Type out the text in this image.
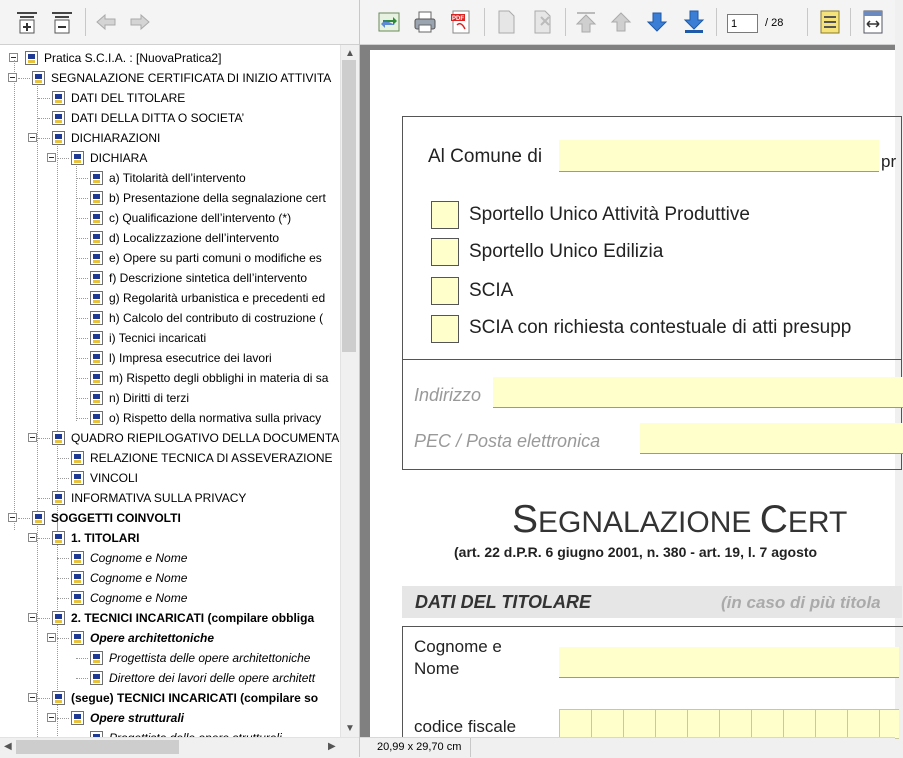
Pratica S.C.I.A. : [NuovaPratica2]
SEGNALAZIONE CERTIFICATA DI INIZIO ATTIVITA
DATI DEL TITOLARE
DATI DELLA DITTA O SOCIETA’
DICHIARAZIONI
DICHIARA
a) Titolarità dell’intervento
b) Presentazione della segnalazione cert
c) Qualificazione dell’intervento (*)
d) Localizzazione dell’intervento
e) Opere su parti comuni o modifiche es
f) Descrizione sintetica dell’intervento
g) Regolarità urbanistica e precedenti ed
h) Calcolo del contributo di costruzione (
i) Tecnici incaricati
l) Impresa esecutrice dei lavori
m) Rispetto degli obblighi in materia di sa
n) Diritti di terzi
o) Rispetto della normativa sulla privacy
QUADRO RIEPILOGATIVO DELLA DOCUMENTA
RELAZIONE TECNICA DI ASSEVERAZIONE
VINCOLI
INFORMATIVA SULLA PRIVACY
SOGGETTI COINVOLTI
1. TITOLARI
Cognome e Nome
Cognome e Nome
Cognome e Nome
2. TECNICI INCARICATI (compilare obbliga
Opere architettoniche
Progettista delle opere architettoniche
Direttore dei lavori delle opere architett
(segue) TECNICI INCARICATI (compilare so
Opere strutturali
▲
▼
◀	▶
PDF	1	/ 28
Al Comune di	pr
Sportello Unico Attività Produttive
Sportello Unico Edilizia
SCIA
SCIA con richiesta contestuale di atti presupp
Indirizzo
PEC / Posta elettronica
SEGNALAZIONE CERT
(art. 22 d.P.R. 6 giugno 2001, n. 380 - art. 19, l. 7 agosto
DATI DEL TITOLARE	(in caso di più titola
Cognome e
Nome
codice fiscale
20,99 x 29,70 cm
